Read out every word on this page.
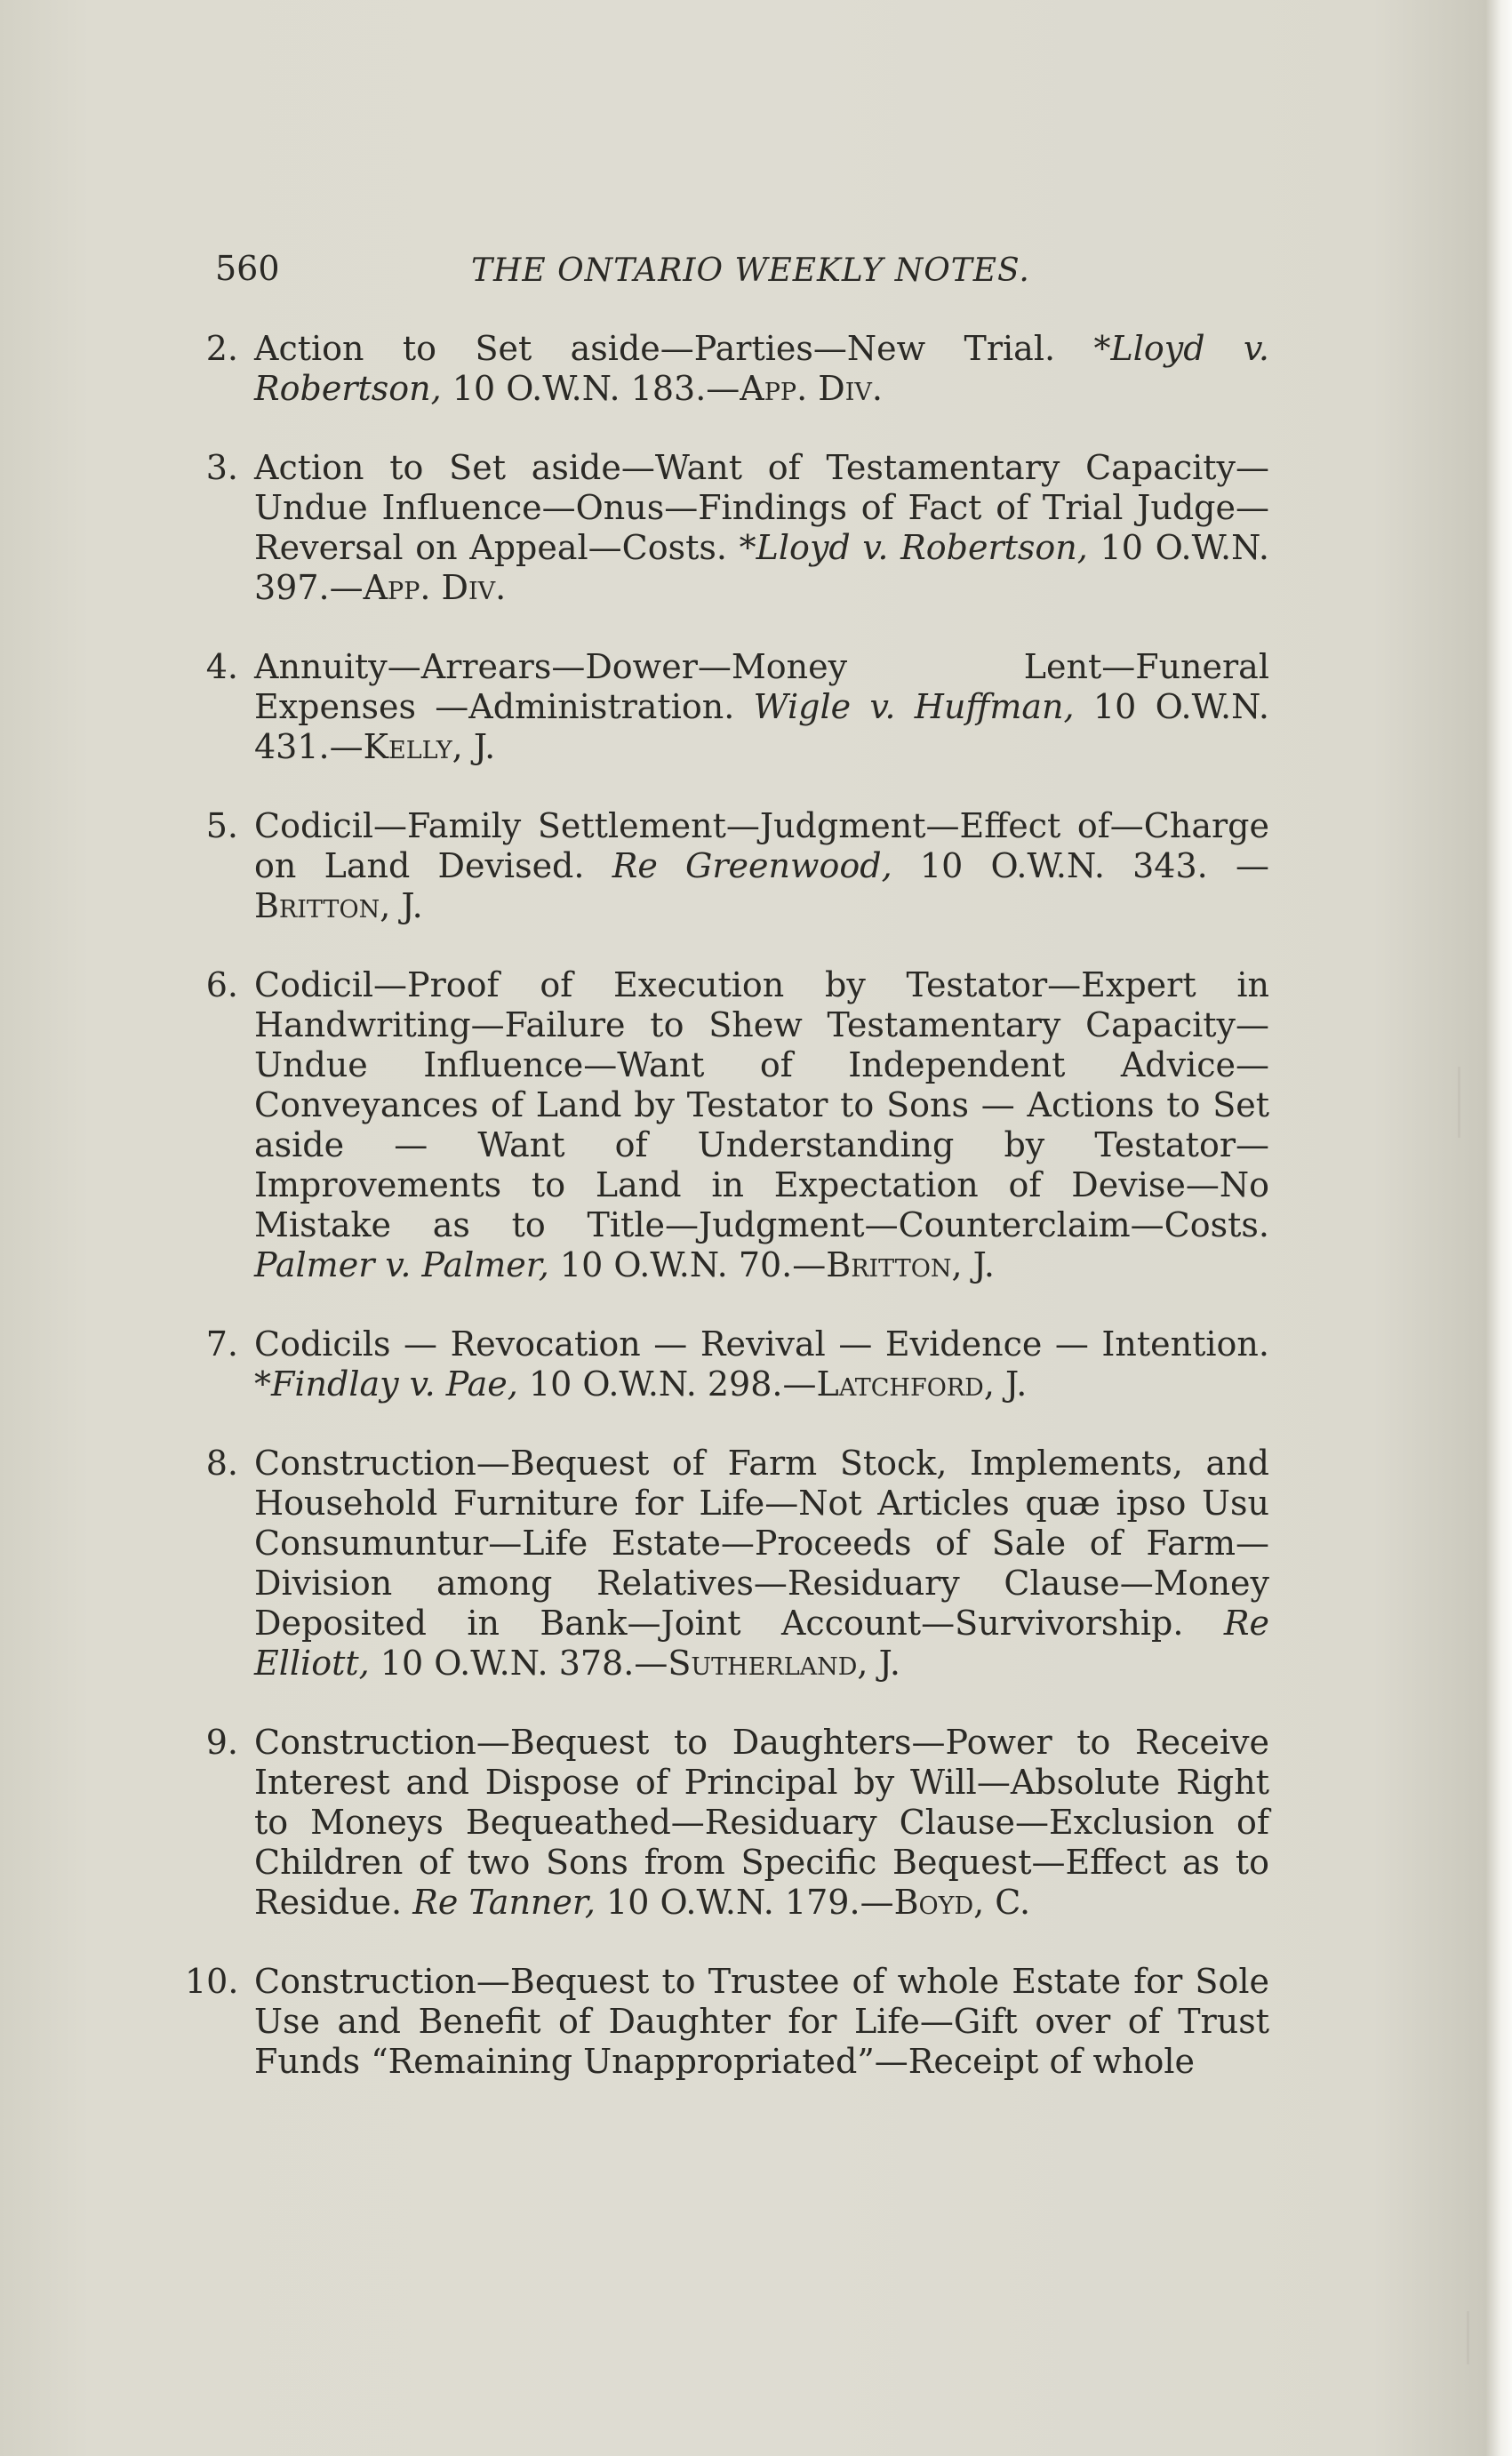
560	THE ONTARIO WEEKLY NOTES.
2. Action to Set aside—Parties—New Trial. *Lloyd v. Robertson, 10 O.W.N. 183.—App. Div.
3. Action to Set aside—Want of Testamentary Capacity—Undue Influence—Onus—Findings of Fact of Trial Judge—Reversal on Appeal—Costs. *Lloyd v. Robertson, 10 O.W.N. 397.—App. Div.
4. Annuity—Arrears—Dower—Money Lent—Funeral Expenses —Administration. Wigle v. Huffman, 10 O.W.N. 431.—Kelly, J.
5. Codicil—Family Settlement—Judgment—Effect of—Charge on Land Devised. Re Greenwood, 10 O.W.N. 343. —Britton, J.
6. Codicil—Proof of Execution by Testator—Expert in Handwriting—Failure to Shew Testamentary Capacity—Undue Influence—Want of Independent Advice—Conveyances of Land by Testator to Sons — Actions to Set aside — Want of Understanding by Testator—Improvements to Land in Expectation of Devise—No Mistake as to Title—Judgment—Counterclaim—Costs. Palmer v. Palmer, 10 O.W.N. 70.—Britton, J.
7. Codicils — Revocation — Revival — Evidence — Intention. *Findlay v. Pae, 10 O.W.N. 298.—Latchford, J.
8. Construction—Bequest of Farm Stock, Implements, and Household Furniture for Life—Not Articles quæ ipso Usu Consumuntur—Life Estate—Proceeds of Sale of Farm—Division among Relatives—Residuary Clause—Money Deposited in Bank—Joint Account—Survivorship. Re Elliott, 10 O.W.N. 378.—Sutherland, J.
9. Construction—Bequest to Daughters—Power to Receive Interest and Dispose of Principal by Will—Absolute Right to Moneys Bequeathed—Residuary Clause—Exclusion of Children of two Sons from Specific Bequest—Effect as to Residue. Re Tanner, 10 O.W.N. 179.—Boyd, C.
10. Construction—Bequest to Trustee of whole Estate for Sole Use and Benefit of Daughter for Life—Gift over of Trust Funds “Remaining Unappropriated”—Receipt of whole
